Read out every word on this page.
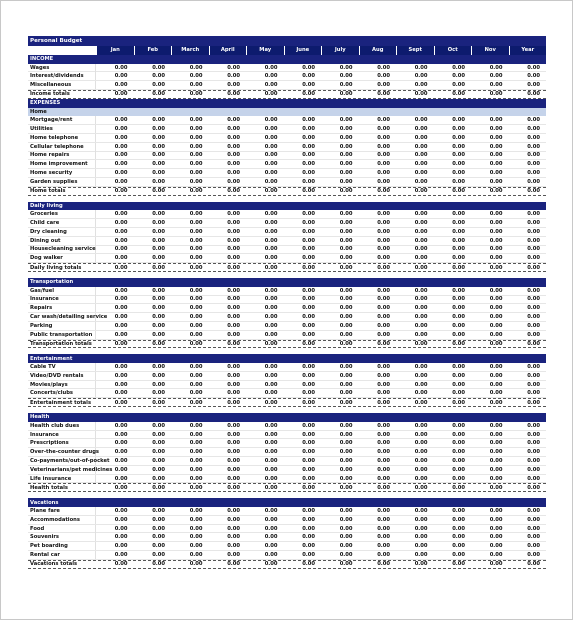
Personal Budget
Jan	Feb	March	April	May	June	July	Aug	Sept	Oct	Nov	Year
INCOME
Wages	0.00	0.00	0.00	0.00	0.00	0.00	0.00	0.00	0.00	0.00	0.00	0.00
Interest/dividends	0.00	0.00	0.00	0.00	0.00	0.00	0.00	0.00	0.00	0.00	0.00	0.00
Miscellaneous	0.00	0.00	0.00	0.00	0.00	0.00	0.00	0.00	0.00	0.00	0.00	0.00
Income totals	0.00	0.00	0.00	0.00	0.00	0.00	0.00	0.00	0.00	0.00	0.00	0.00
EXPENSES
Home
Mortgage/rent	0.00	0.00	0.00	0.00	0.00	0.00	0.00	0.00	0.00	0.00	0.00	0.00
Utilities	0.00	0.00	0.00	0.00	0.00	0.00	0.00	0.00	0.00	0.00	0.00	0.00
Home telephone	0.00	0.00	0.00	0.00	0.00	0.00	0.00	0.00	0.00	0.00	0.00	0.00
Cellular telephone	0.00	0.00	0.00	0.00	0.00	0.00	0.00	0.00	0.00	0.00	0.00	0.00
Home repairs	0.00	0.00	0.00	0.00	0.00	0.00	0.00	0.00	0.00	0.00	0.00	0.00
Home improvement	0.00	0.00	0.00	0.00	0.00	0.00	0.00	0.00	0.00	0.00	0.00	0.00
Home security	0.00	0.00	0.00	0.00	0.00	0.00	0.00	0.00	0.00	0.00	0.00	0.00
Garden supplies	0.00	0.00	0.00	0.00	0.00	0.00	0.00	0.00	0.00	0.00	0.00	0.00
Home totals	0.00	0.00	0.00	0.00	0.00	0.00	0.00	0.00	0.00	0.00	0.00	0.00
Daily living
Groceries	0.00	0.00	0.00	0.00	0.00	0.00	0.00	0.00	0.00	0.00	0.00	0.00
Child care	0.00	0.00	0.00	0.00	0.00	0.00	0.00	0.00	0.00	0.00	0.00	0.00
Dry cleaning	0.00	0.00	0.00	0.00	0.00	0.00	0.00	0.00	0.00	0.00	0.00	0.00
Dining out	0.00	0.00	0.00	0.00	0.00	0.00	0.00	0.00	0.00	0.00	0.00	0.00
Housecleaning service	0.00	0.00	0.00	0.00	0.00	0.00	0.00	0.00	0.00	0.00	0.00	0.00
Dog walker	0.00	0.00	0.00	0.00	0.00	0.00	0.00	0.00	0.00	0.00	0.00	0.00
Daily living totals	0.00	0.00	0.00	0.00	0.00	0.00	0.00	0.00	0.00	0.00	0.00	0.00
Transportation
Gas/fuel	0.00	0.00	0.00	0.00	0.00	0.00	0.00	0.00	0.00	0.00	0.00	0.00
Insurance	0.00	0.00	0.00	0.00	0.00	0.00	0.00	0.00	0.00	0.00	0.00	0.00
Repairs	0.00	0.00	0.00	0.00	0.00	0.00	0.00	0.00	0.00	0.00	0.00	0.00
Car wash/detailing service	0.00	0.00	0.00	0.00	0.00	0.00	0.00	0.00	0.00	0.00	0.00	0.00
Parking	0.00	0.00	0.00	0.00	0.00	0.00	0.00	0.00	0.00	0.00	0.00	0.00
Public transportation	0.00	0.00	0.00	0.00	0.00	0.00	0.00	0.00	0.00	0.00	0.00	0.00
Transportation totals	0.00	0.00	0.00	0.00	0.00	0.00	0.00	0.00	0.00	0.00	0.00	0.00
Entertainment
Cable TV	0.00	0.00	0.00	0.00	0.00	0.00	0.00	0.00	0.00	0.00	0.00	0.00
Video/DVD rentals	0.00	0.00	0.00	0.00	0.00	0.00	0.00	0.00	0.00	0.00	0.00	0.00
Movies/plays	0.00	0.00	0.00	0.00	0.00	0.00	0.00	0.00	0.00	0.00	0.00	0.00
Concerts/clubs	0.00	0.00	0.00	0.00	0.00	0.00	0.00	0.00	0.00	0.00	0.00	0.00
Entertainment totals	0.00	0.00	0.00	0.00	0.00	0.00	0.00	0.00	0.00	0.00	0.00	0.00
Health
Health club dues	0.00	0.00	0.00	0.00	0.00	0.00	0.00	0.00	0.00	0.00	0.00	0.00
Insurance	0.00	0.00	0.00	0.00	0.00	0.00	0.00	0.00	0.00	0.00	0.00	0.00
Prescriptions	0.00	0.00	0.00	0.00	0.00	0.00	0.00	0.00	0.00	0.00	0.00	0.00
Over-the-counter drugs	0.00	0.00	0.00	0.00	0.00	0.00	0.00	0.00	0.00	0.00	0.00	0.00
Co-payments/out-of-pocket	0.00	0.00	0.00	0.00	0.00	0.00	0.00	0.00	0.00	0.00	0.00	0.00
Veterinarians/pet medicines 0.00	0.00	0.00	0.00	0.00	0.00	0.00	0.00	0.00	0.00	0.00	0.00
Life insurance	0.00	0.00	0.00	0.00	0.00	0.00	0.00	0.00	0.00	0.00	0.00	0.00
Health totals	0.00	0.00	0.00	0.00	0.00	0.00	0.00	0.00	0.00	0.00	0.00	0.00
Vacations
Plane fare	0.00	0.00	0.00	0.00	0.00	0.00	0.00	0.00	0.00	0.00	0.00	0.00
Accommodations	0.00	0.00	0.00	0.00	0.00	0.00	0.00	0.00	0.00	0.00	0.00	0.00
Food	0.00	0.00	0.00	0.00	0.00	0.00	0.00	0.00	0.00	0.00	0.00	0.00
Souvenirs	0.00	0.00	0.00	0.00	0.00	0.00	0.00	0.00	0.00	0.00	0.00	0.00
Pet boarding	0.00	0.00	0.00	0.00	0.00	0.00	0.00	0.00	0.00	0.00	0.00	0.00
Rental car	0.00	0.00	0.00	0.00	0.00	0.00	0.00	0.00	0.00	0.00	0.00	0.00
Vacations totals	0.00	0.00	0.00	0.00	0.00	0.00	0.00	0.00	0.00	0.00	0.00	0.00
